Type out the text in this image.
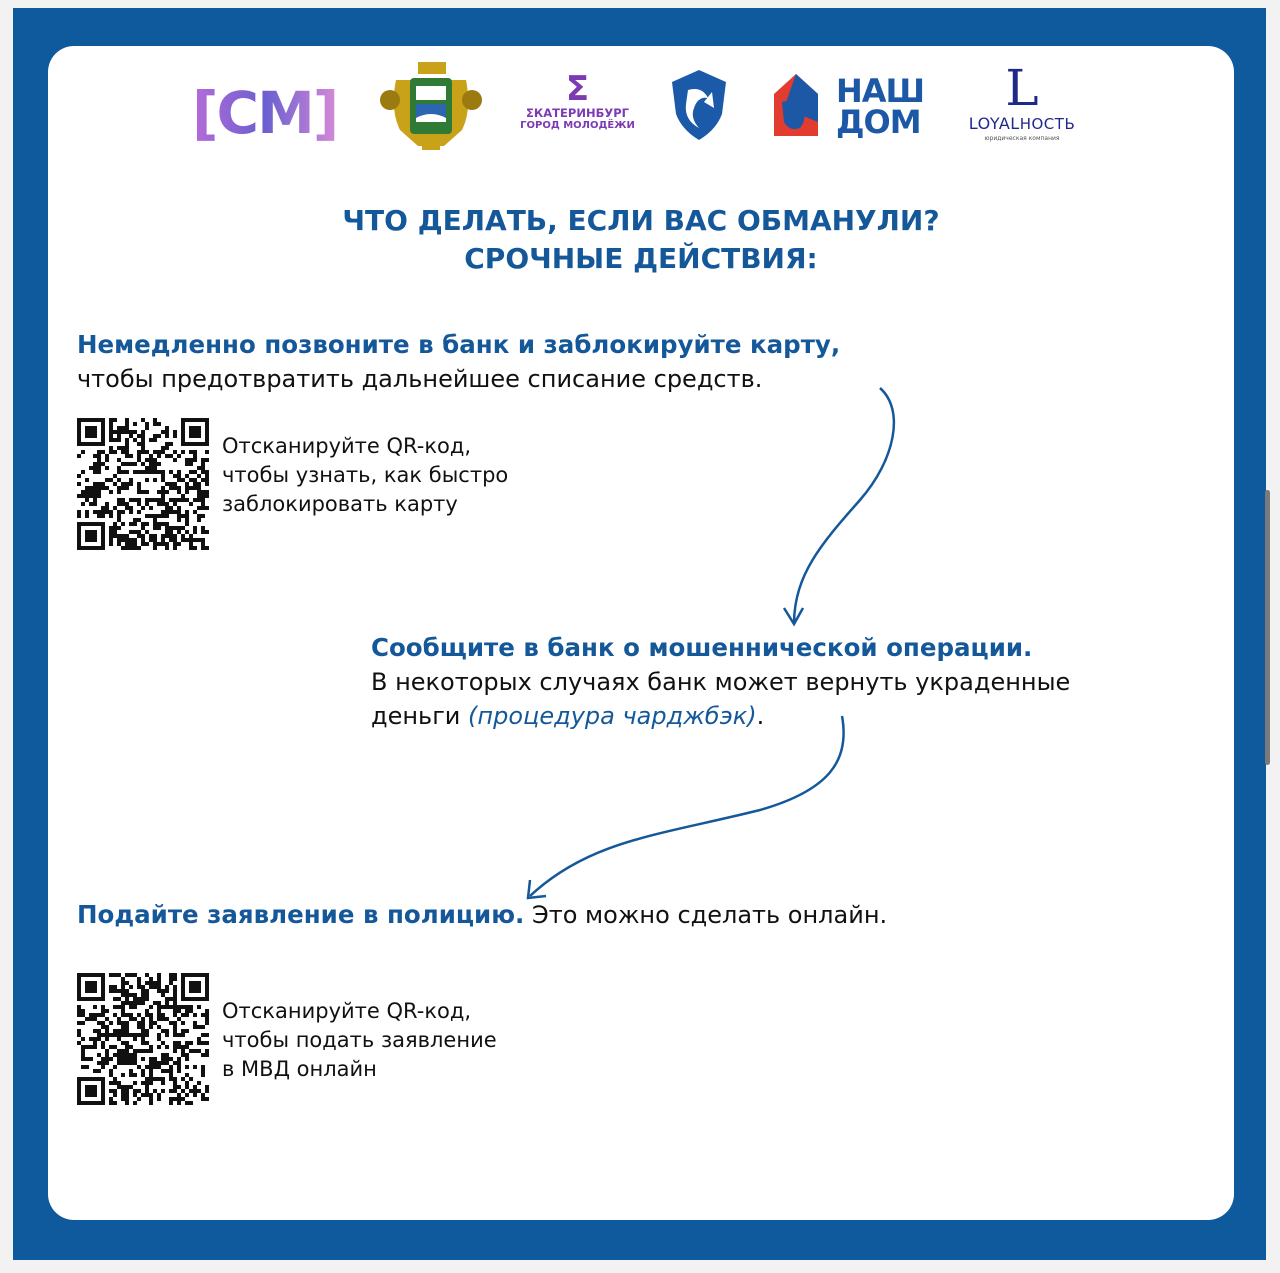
[СМ]	Ʃ
ƩКАТЕРИНБУРГ
ГОРОД МОЛОДЁЖИ
НАШ
ДОМ
L
LOYALНОСТЬ
юридическая компания
ЧТО ДЕЛАТЬ, ЕСЛИ ВАС ОБМАНУЛИ?
СРОЧНЫЕ ДЕЙСТВИЯ:
Немедленно позвоните в банк и заблокируйте карту,
чтобы предотвратить дальнейшее списание средств.
Отсканируйте QR-код,
чтобы узнать, как быстро
заблокировать карту
Сообщите в банк о мошеннической операции.
В некоторых случаях банк может вернуть украденные
деньги (процедура чарджбэк).
Подайте заявление в полицию. Это можно сделать онлайн.
Отсканируйте QR-код,
чтобы подать заявление
в МВД онлайн
